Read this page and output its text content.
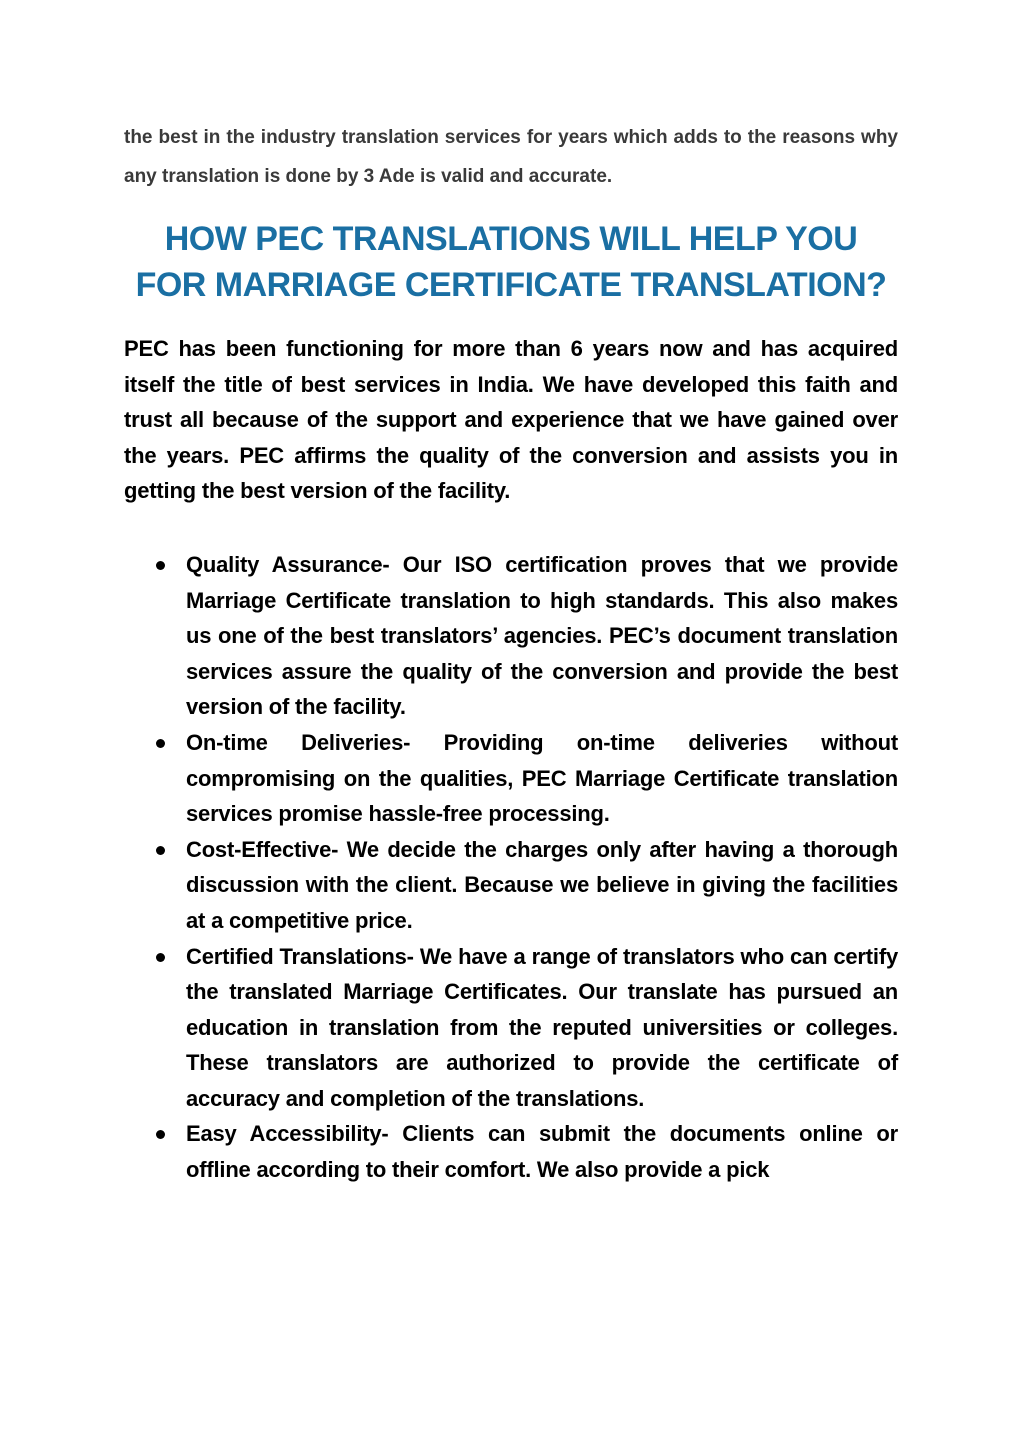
the best in the industry translation services for years which adds to the reasons why any translation is done by 3 Ade is valid and accurate.

HOW PEC TRANSLATIONS WILL HELP YOU FOR MARRIAGE CERTIFICATE TRANSLATION?

PEC has been functioning for more than 6 years now and has acquired itself the title of best services in India. We have developed this faith and trust all because of the support and experience that we have gained over the years. PEC affirms the quality of the conversion and assists you in getting the best version of the facility.

Quality Assurance- Our ISO certification proves that we provide Marriage Certificate translation to high standards. This also makes us one of the best translators’ agencies. PEC’s document translation services assure the quality of the conversion and provide the best version of the facility.
On-time Deliveries- Providing on-time deliveries without compromising on the qualities, PEC Marriage Certificate translation services promise hassle-free processing.
Cost-Effective- We decide the charges only after having a thorough discussion with the client. Because we believe in giving the facilities at a competitive price.
Certified Translations- We have a range of translators who can certify the translated Marriage Certificates. Our translate has pursued an education in translation from the reputed universities or colleges. These translators are authorized to provide the certificate of accuracy and completion of the translations.
Easy Accessibility- Clients can submit the documents online or offline according to their comfort. We also provide a pick
